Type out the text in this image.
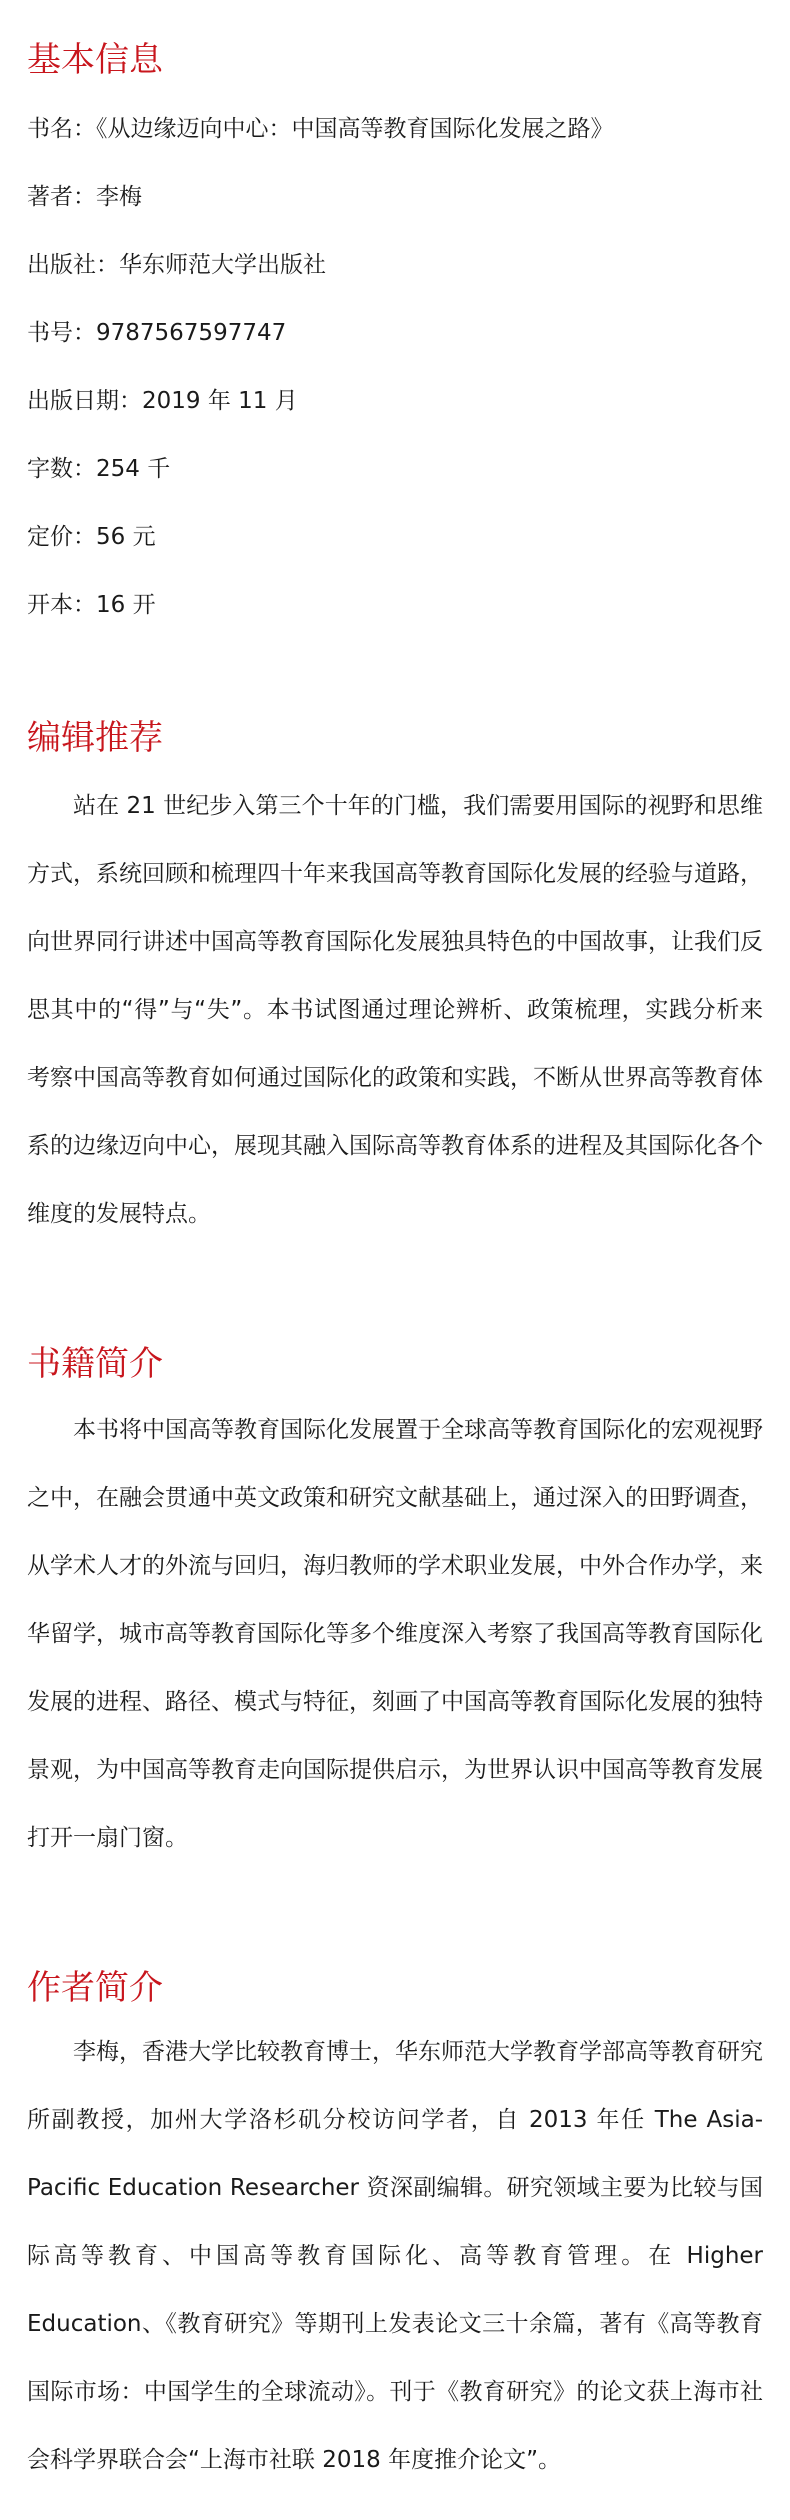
基本信息

书名：《从边缘迈向中心：中国高等教育国际化发展之路》

著者：李梅

出版社：华东师范大学出版社

书号：9787567597747

出版日期：2019 年 11 月

字数：254 千

定价：56 元

开本：16 开

编辑推荐

站在 21 世纪步入第三个十年的门槛，我们需要用国际的视野和思维方式，系统回顾和梳理四十年来我国高等教育国际化发展的经验与道路，向世界同行讲述中国高等教育国际化发展独具特色的中国故事，让我们反思其中的“得”与“失”。本书试图通过理论辨析、政策梳理，实践分析来考察中国高等教育如何通过国际化的政策和实践，不断从世界高等教育体系的边缘迈向中心，展现其融入国际高等教育体系的进程及其国际化各个维度的发展特点。

书籍简介

本书将中国高等教育国际化发展置于全球高等教育国际化的宏观视野之中，在融会贯通中英文政策和研究文献基础上，通过深入的田野调查，从学术人才的外流与回归，海归教师的学术职业发展，中外合作办学，来华留学，城市高等教育国际化等多个维度深入考察了我国高等教育国际化发展的进程、路径、模式与特征，刻画了中国高等教育国际化发展的独特景观，为中国高等教育走向国际提供启示，为世界认识中国高等教育发展打开一扇门窗。

作者简介

李梅，香港大学比较教育博士，华东师范大学教育学部高等教育研究所副教授，加州大学洛杉矶分校访问学者，自 2013 年任 The Asia-Pacific Education Researcher 资深副编辑。研究领域主要为比较与国际高等教育、中国高等教育国际化、高等教育管理。在 Higher Education、《教育研究》等期刊上发表论文三十余篇，著有《高等教育国际市场：中国学生的全球流动》。刊于《教育研究》的论文获上海市社会科学界联合会“上海市社联 2018 年度推介论文”。
